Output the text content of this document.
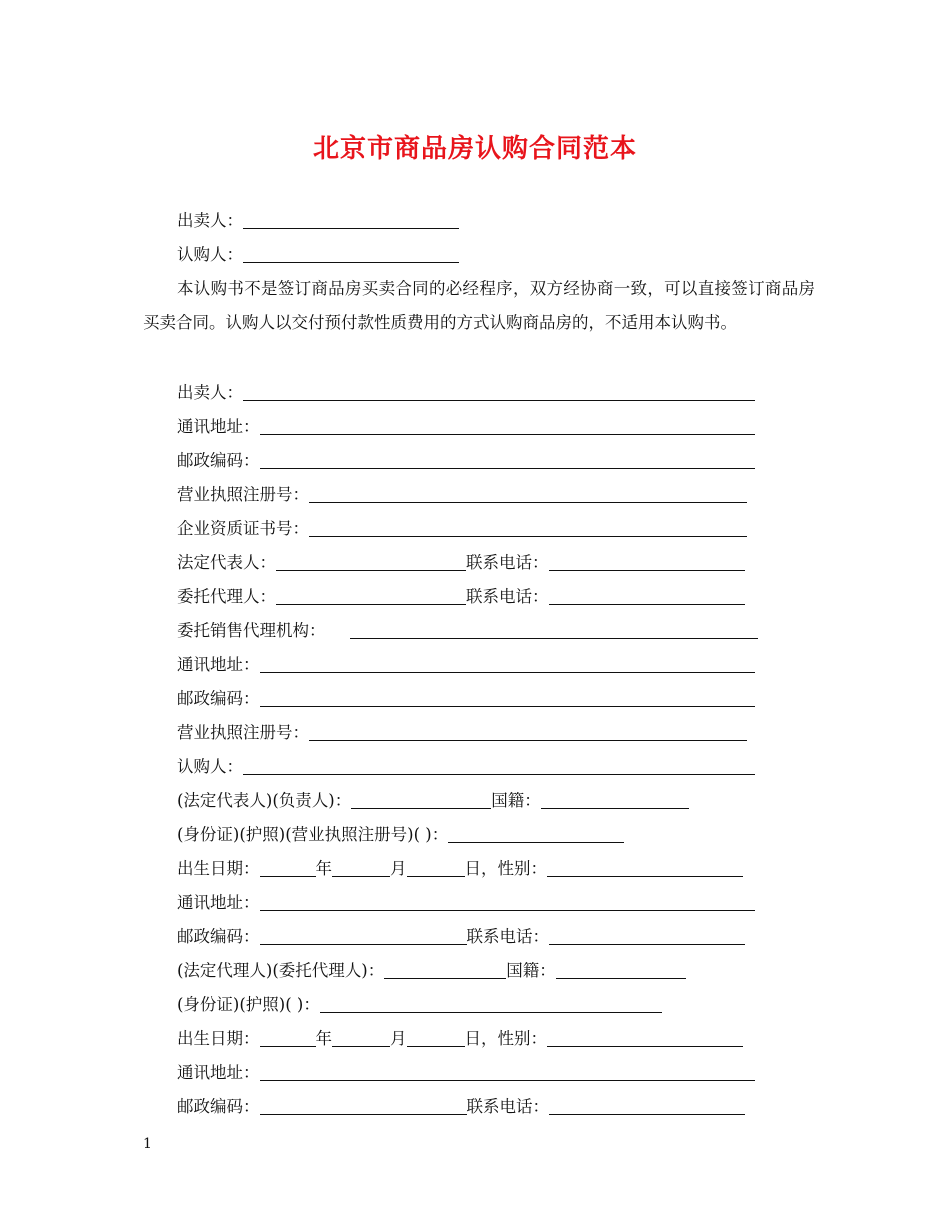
北京市商品房认购合同范本
出卖人：
认购人：
本认购书不是签订商品房买卖合同的必经程序，双方经协商一致，可以直接签订商品房买卖合同。认购人以交付预付款性质费用的方式认购商品房的，不适用本认购书。
出卖人：
通讯地址：
邮政编码：
营业执照注册号：
企业资质证书号：
法定代表人：	联系电话：
委托代理人：	联系电话：
委托销售代理机构：
通讯地址：
邮政编码：
营业执照注册号：
认购人：
(法定代表人)(负责人)：	国籍：
(身份证)(护照)(营业执照注册号)( )：
出生日期：	年	月	日，性别：
通讯地址：
邮政编码：	联系电话：
(法定代理人)(委托代理人)：	国籍：
(身份证)(护照)( )：
出生日期：	年	月	日，性别：
通讯地址：
邮政编码：	联系电话：
1
